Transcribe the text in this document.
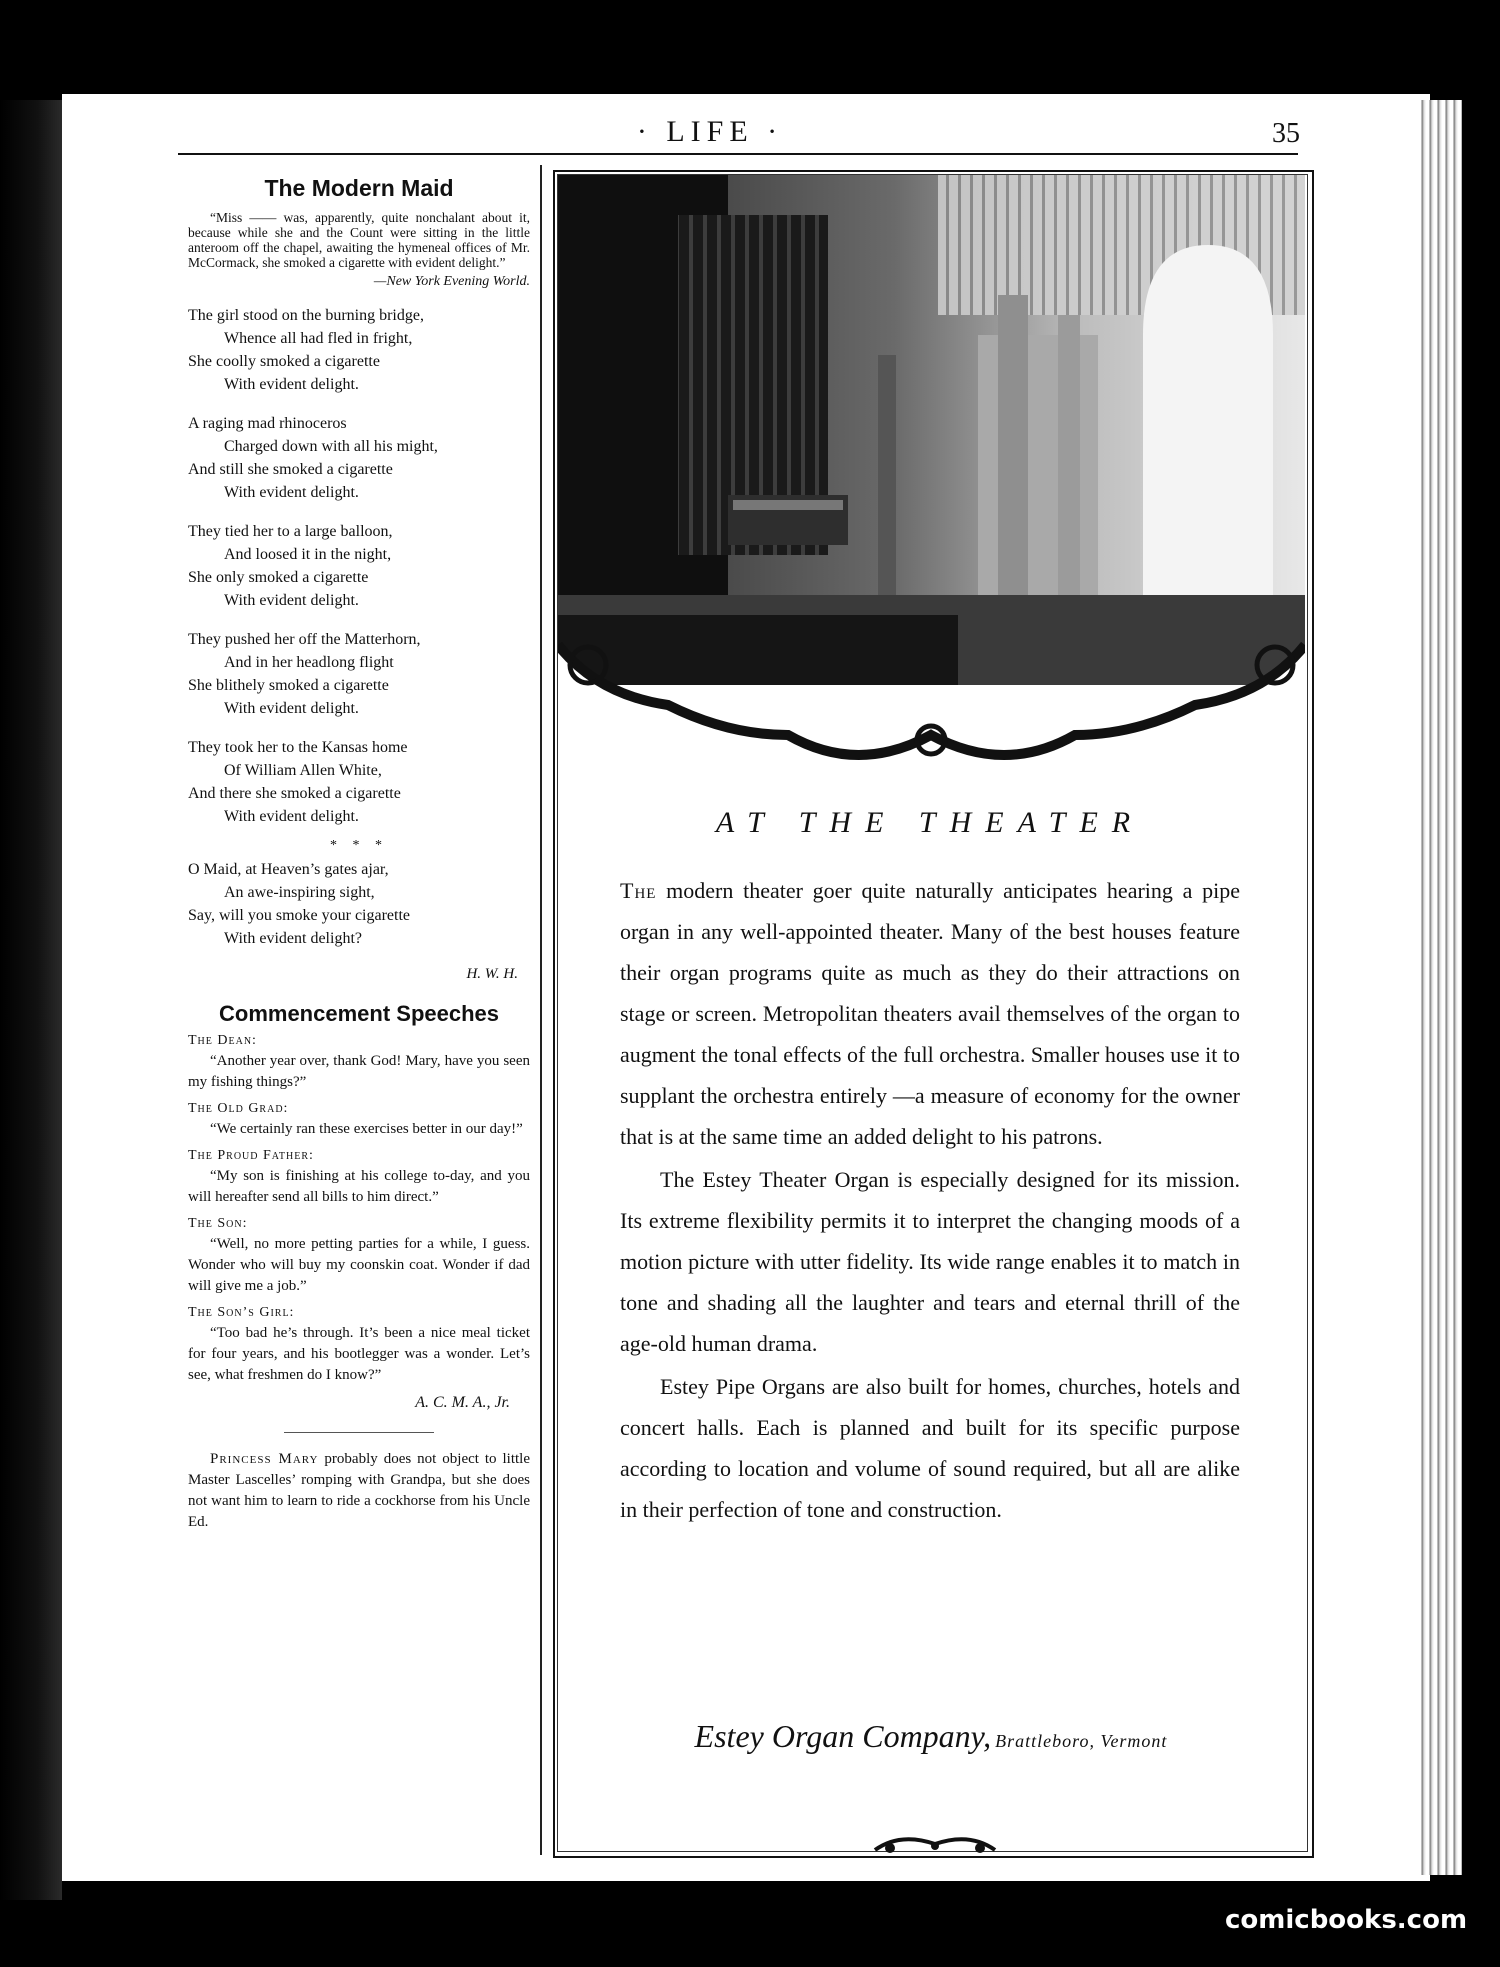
· LIFE ·	35
The Modern Maid

“Miss —— was, apparently, quite nonchalant about it, because while she and the Count were sitting in the little anteroom off the chapel, awaiting the hymeneal offices of Mr. McCormack, she smoked a cigarette with evident delight.”

—New York Evening World.

The girl stood on the burning bridge,
Whence all had fled in fright,
She coolly smoked a cigarette
With evident delight.
A raging mad rhinoceros
Charged down with all his might,
And still she smoked a cigarette
With evident delight.
They tied her to a large balloon,
And loosed it in the night,
She only smoked a cigarette
With evident delight.
They pushed her off the Matterhorn,
And in her headlong flight
She blithely smoked a cigarette
With evident delight.
They took her to the Kansas home
Of William Allen White,
And there she smoked a cigarette
With evident delight.
* * *
O Maid, at Heaven’s gates ajar,
An awe-inspiring sight,
Say, will you smoke your cigarette
With evident delight?
H. W. H.
Commencement Speeches
The Dean:

“Another year over, thank God! Mary, have you seen my fishing things?”

The Old Grad:

“We certainly ran these exercises better in our day!”

The Proud Father:

“My son is finishing at his college to-day, and you will hereafter send all bills to him direct.”

The Son:

“Well, no more petting parties for a while, I guess. Wonder who will buy my coonskin coat. Wonder if dad will give me a job.”

The Son’s Girl:

“Too bad he’s through. It’s been a nice meal ticket for four years, and his bootlegger was a wonder. Let’s see, what freshmen do I know?”

A. C. M. A., Jr.

Princess Mary probably does not object to little Master Lascelles’ romping with Grandpa, but she does not want him to learn to ride a cockhorse from his Uncle Ed.

AT THE THEATER

The modern theater goer quite naturally anticipates hearing a pipe organ in any well-appointed theater. Many of the best houses feature their organ programs quite as much as they do their attractions on stage or screen. Metropolitan theaters avail themselves of the organ to augment the tonal effects of the full orchestra. Smaller houses use it to supplant the orchestra entirely —a measure of economy for the owner that is at the same time an added delight to his patrons.

The Estey Theater Organ is especially designed for its mission. Its extreme flexibility permits it to interpret the changing moods of a motion picture with utter fidelity. Its wide range enables it to match in tone and shading all the laughter and tears and eternal thrill of the age-old human drama.

Estey Pipe Organs are also built for homes, churches, hotels and concert halls. Each is planned and built for its specific purpose according to location and volume of sound required, but all are alike in their perfection of tone and construction.

Estey Organ Company, Brattleboro, Vermont
comicbooks.com
